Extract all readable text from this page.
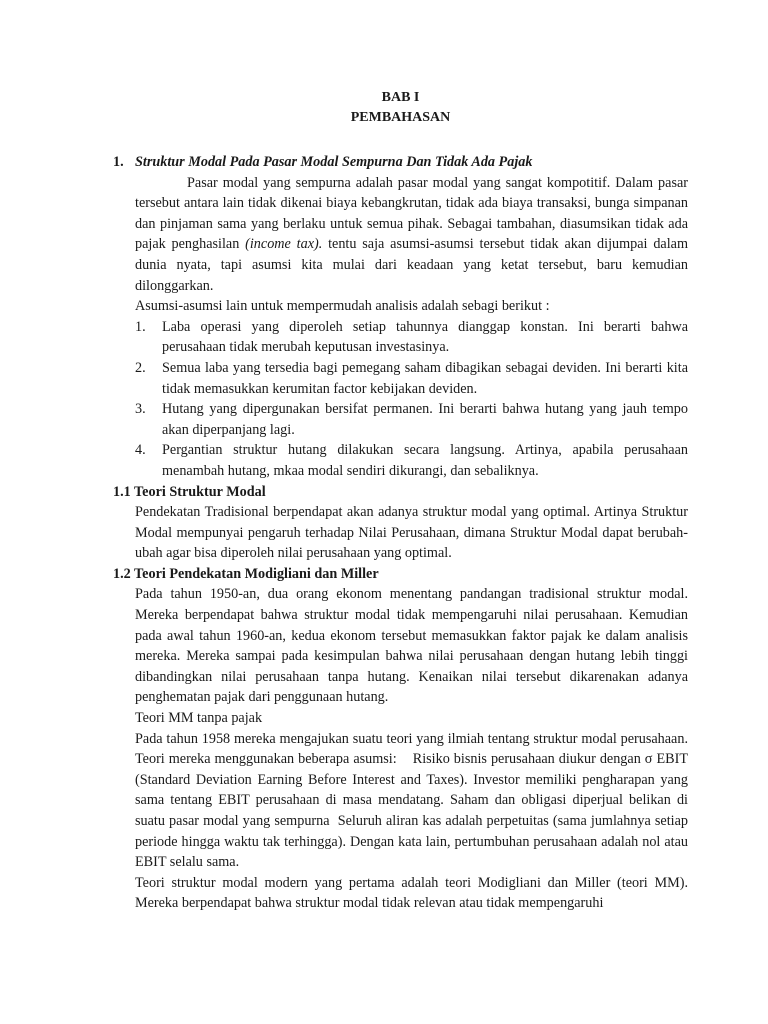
BAB I
PEMBAHASAN
1. Struktur Modal Pada Pasar Modal Sempurna Dan Tidak Ada Pajak
Pasar modal yang sempurna adalah pasar modal yang sangat kompotitif. Dalam pasar tersebut antara lain tidak dikenai biaya kebangkrutan, tidak ada biaya transaksi, bunga simpanan dan pinjaman sama yang berlaku untuk semua pihak. Sebagai tambahan, diasumsikan tidak ada pajak penghasilan (income tax). tentu saja asumsi-asumsi tersebut tidak akan dijumpai dalam dunia nyata, tapi asumsi kita mulai dari keadaan yang ketat tersebut, baru kemudian dilonggarkan.
Asumsi-asumsi lain untuk mempermudah analisis adalah sebagi berikut :
1.	Laba operasi yang diperoleh setiap tahunnya dianggap konstan. Ini berarti bahwa perusahaan tidak merubah keputusan investasinya.
2.	Semua laba yang tersedia bagi pemegang saham dibagikan sebagai deviden. Ini berarti kita tidak memasukkan kerumitan factor kebijakan deviden.
3.	Hutang yang dipergunakan bersifat permanen. Ini berarti bahwa hutang yang jauh tempo akan diperpanjang lagi.
4.	Pergantian struktur hutang dilakukan secara langsung. Artinya, apabila perusahaan menambah hutang, mkaa modal sendiri dikurangi, dan sebaliknya.
1.1 Teori Struktur Modal
Pendekatan Tradisional berpendapat akan adanya struktur modal yang optimal. Artinya Struktur Modal mempunyai pengaruh terhadap Nilai Perusahaan, dimana Struktur Modal dapat berubah-ubah agar bisa diperoleh nilai perusahaan yang optimal.
1.2 Teori Pendekatan Modigliani dan Miller
Pada tahun 1950-an, dua orang ekonom menentang pandangan tradisional struktur modal. Mereka berpendapat bahwa struktur modal tidak mempengaruhi nilai perusahaan. Kemudian pada awal tahun 1960-an, kedua ekonom tersebut memasukkan faktor pajak ke dalam analisis mereka. Mereka sampai pada kesimpulan bahwa nilai perusahaan dengan hutang lebih tinggi dibandingkan nilai perusahaan tanpa hutang. Kenaikan nilai tersebut dikarenakan adanya penghematan pajak dari penggunaan hutang.
Teori MM tanpa pajak
Pada tahun 1958 mereka mengajukan suatu teori yang ilmiah tentang struktur modal perusahaan. Teori mereka menggunakan beberapa asumsi:    Risiko bisnis perusahaan diukur dengan σ EBIT (Standard Deviation Earning Before Interest and Taxes). Investor memiliki pengharapan yang sama tentang EBIT perusahaan di masa mendatang. Saham dan obligasi diperjual belikan di suatu pasar modal yang sempurna  Seluruh aliran kas adalah perpetuitas (sama jumlahnya setiap periode hingga waktu tak terhingga). Dengan kata lain, pertumbuhan perusahaan adalah nol atau EBIT selalu sama.
Teori struktur modal modern yang pertama adalah teori Modigliani dan Miller (teori MM). Mereka berpendapat bahwa struktur modal tidak relevan atau tidak mempengaruhi
